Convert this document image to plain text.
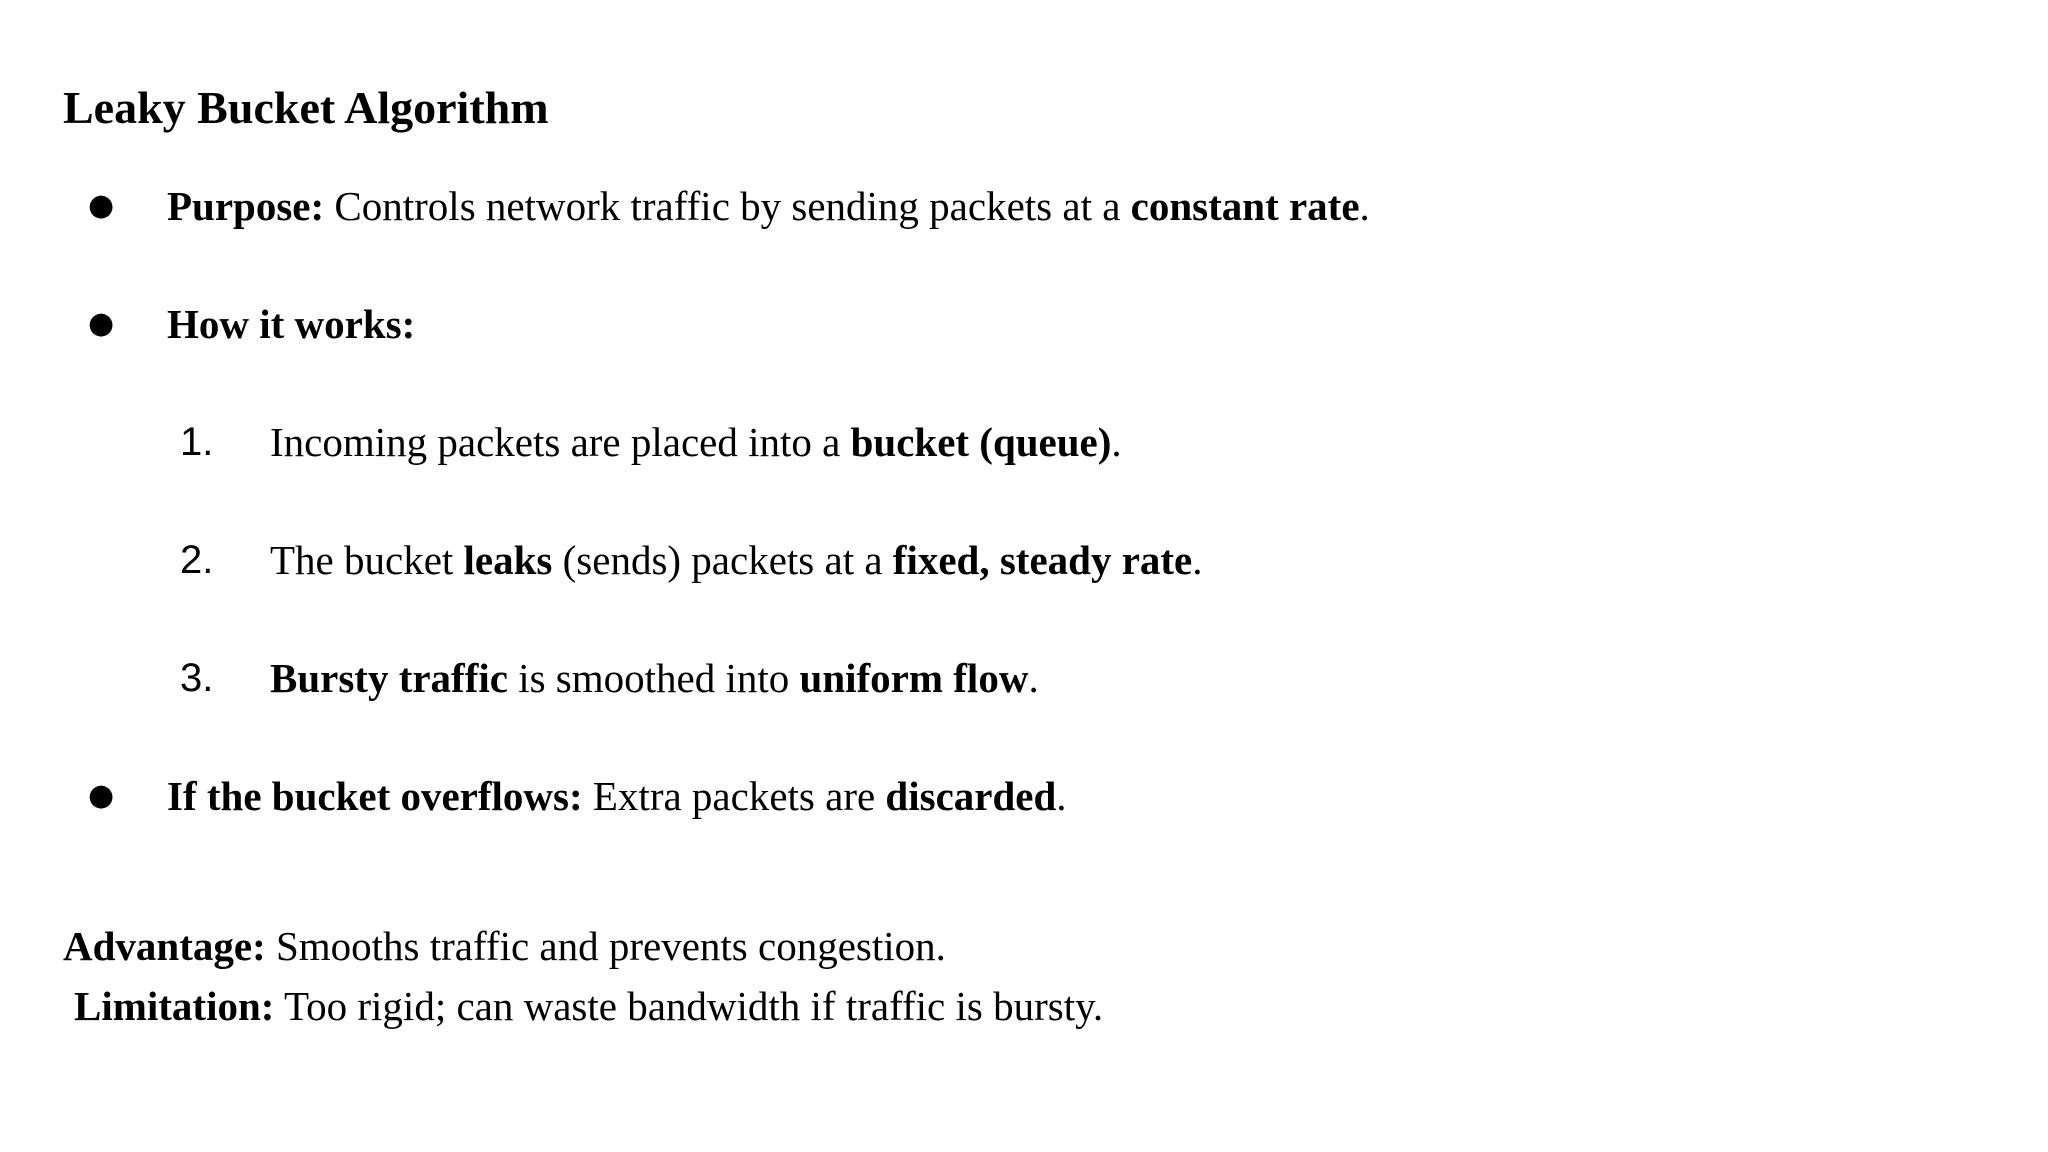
Leaky Bucket Algorithm
● Purpose: Controls network traffic by sending packets at a constant rate.
● How it works:
1. Incoming packets are placed into a bucket (queue).
2. The bucket leaks (sends) packets at a fixed, steady rate.
3. Bursty traffic is smoothed into uniform flow.
● If the bucket overflows: Extra packets are discarded.
Advantage: Smooths traffic and prevents congestion.
Limitation: Too rigid; can waste bandwidth if traffic is bursty.
